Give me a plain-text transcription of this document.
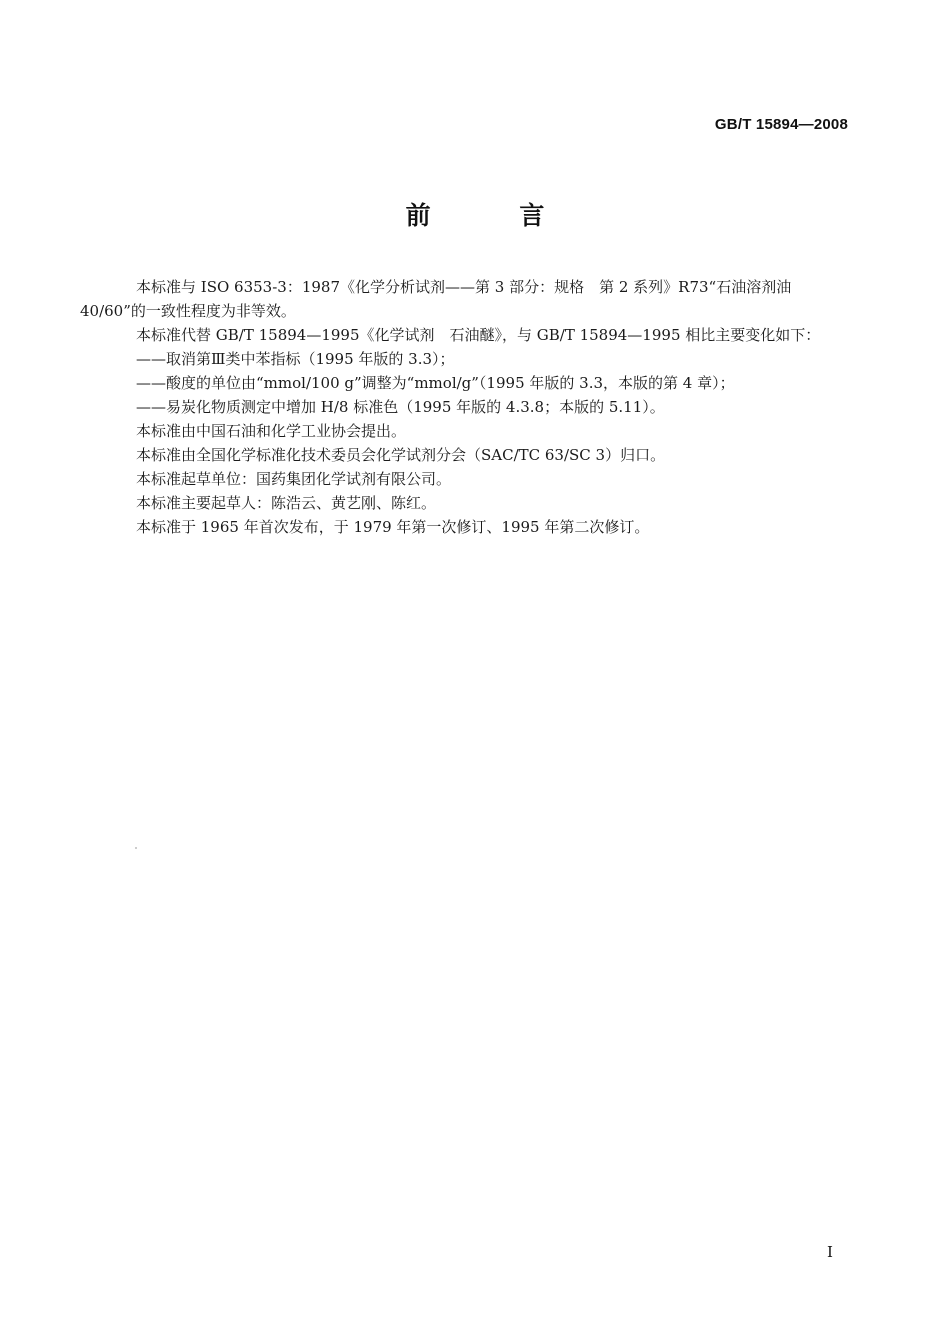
GB/T 15894—2008
前 言

本标准与 ISO 6353-3：1987《化学分析试剂——第 3 部分：规格　第 2 系列》R73“石油溶剂油

40/60”的一致性程度为非等效。

本标准代替 GB/T 15894—1995《化学试剂　石油醚》，与 GB/T 15894—1995 相比主要变化如下：

——取消第Ⅲ类中苯指标（1995 年版的 3.3）；

——酸度的单位由“mmol/100 g”调整为“mmol/g”（1995 年版的 3.3，本版的第 4 章）；

——易炭化物质测定中增加 H/8 标准色（1995 年版的 4.3.8；本版的 5.11）。

本标准由中国石油和化学工业协会提出。

本标准由全国化学标准化技术委员会化学试剂分会（SAC/TC 63/SC 3）归口。

本标准起草单位：国药集团化学试剂有限公司。

本标准主要起草人：陈浩云、黄艺刚、陈红。

本标准于 1965 年首次发布，于 1979 年第一次修订、1995 年第二次修订。

I
